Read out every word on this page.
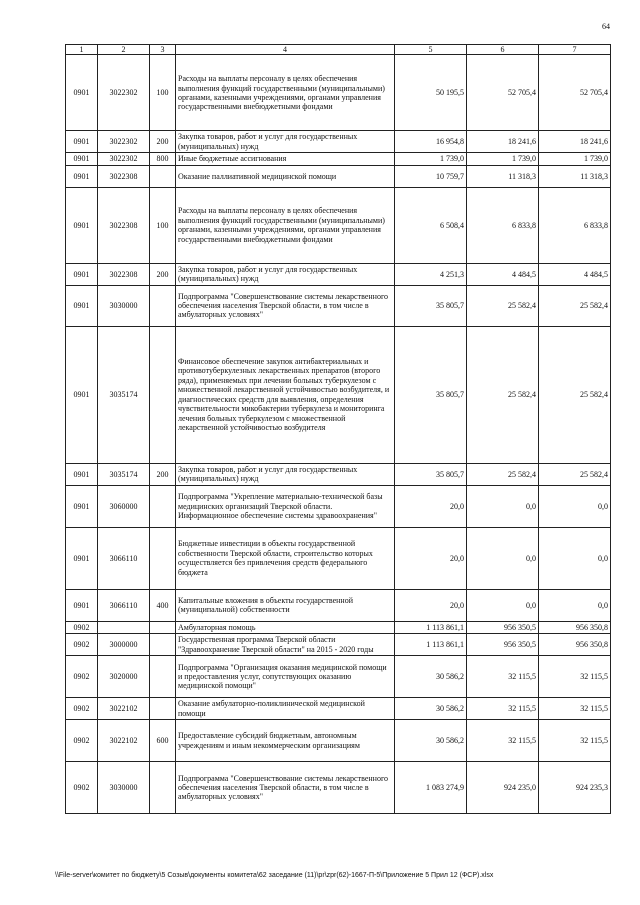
64
1	2	3	4	5	6	7
0901	3022302	100	Расходы на выплаты персоналу в целях обеспечения выполнения функций государственными (муниципальными) органами, казенными учреждениями, органами управления государственными внебюджетными фондами	50 195,5	52 705,4	52 705,4
0901	3022302	200	Закупка товаров, работ и услуг для государственных (муниципальных) нужд	16 954,8	18 241,6	18 241,6
0901	3022302	800	Иные бюджетные ассигнования	1 739,0	1 739,0	1 739,0
0901	3022308		Оказание паллиативной медицинской помощи	10 759,7	11 318,3	11 318,3
0901	3022308	100	Расходы на выплаты персоналу в целях обеспечения выполнения функций государственными (муниципальными) органами, казенными учреждениями, органами управления государственными внебюджетными фондами	6 508,4	6 833,8	6 833,8
0901	3022308	200	Закупка товаров, работ и услуг для государственных (муниципальных) нужд	4 251,3	4 484,5	4 484,5
0901	3030000		Подпрограмма "Совершенствование системы лекарственного обеспечения населения Тверской области, в том числе в амбулаторных условиях"	35 805,7	25 582,4	25 582,4
0901	3035174		Финансовое обеспечение закупок антибактериальных и противотуберкулезных лекарственных препаратов (второго ряда), применяемых при лечении больных туберкулезом с множественной лекарственной устойчивостью возбудителя, и диагностических средств для выявления, определения чувствительности микобактерии туберкулеза и мониторинга лечения больных туберкулезом с множественной лекарственной устойчивостью возбудителя	35 805,7	25 582,4	25 582,4
0901	3035174	200	Закупка товаров, работ и услуг для государственных (муниципальных) нужд	35 805,7	25 582,4	25 582,4
0901	3060000		Подпрограмма "Укрепление материально-технической базы медицинских организаций Тверской области. Информационное обеспечение системы здравоохранения"	20,0	0,0	0,0
0901	3066110		Бюджетные инвестиции в объекты государственной собственности Тверской области, строительство которых осуществляется без привлечения средств федерального бюджета	20,0	0,0	0,0
0901	3066110	400	Капитальные вложения в объекты государственной (муниципальной) собственности	20,0	0,0	0,0
0902			Амбулаторная помощь	1 113 861,1	956 350,5	956 350,8
0902	3000000		Государственная программа Тверской области "Здравоохранение Тверской области" на 2015 - 2020 годы	1 113 861,1	956 350,5	956 350,8
0902	3020000		Подпрограмма "Организация оказания медицинской помощи и предоставления услуг, сопутствующих оказанию медицинской помощи"	30 586,2	32 115,5	32 115,5
0902	3022102		Оказание амбулаторно-поликлинической медицинской помощи	30 586,2	32 115,5	32 115,5
0902	3022102	600	Предоставление субсидий бюджетным, автономным учреждениям и иным некоммерческим организациям	30 586,2	32 115,5	32 115,5
0902	3030000		Подпрограмма "Совершенствование системы лекарственного обеспечения населения Тверской области, в том числе в амбулаторных условиях"	1 083 274,9	924 235,0	924 235,3
\\File-server\комитет по бюджету\5 Созыв\документы комитета\62 заседание (11)\pr\zpr(62)-1667-П-5\Приложение 5 Прил 12 (ФСР).xlsx
